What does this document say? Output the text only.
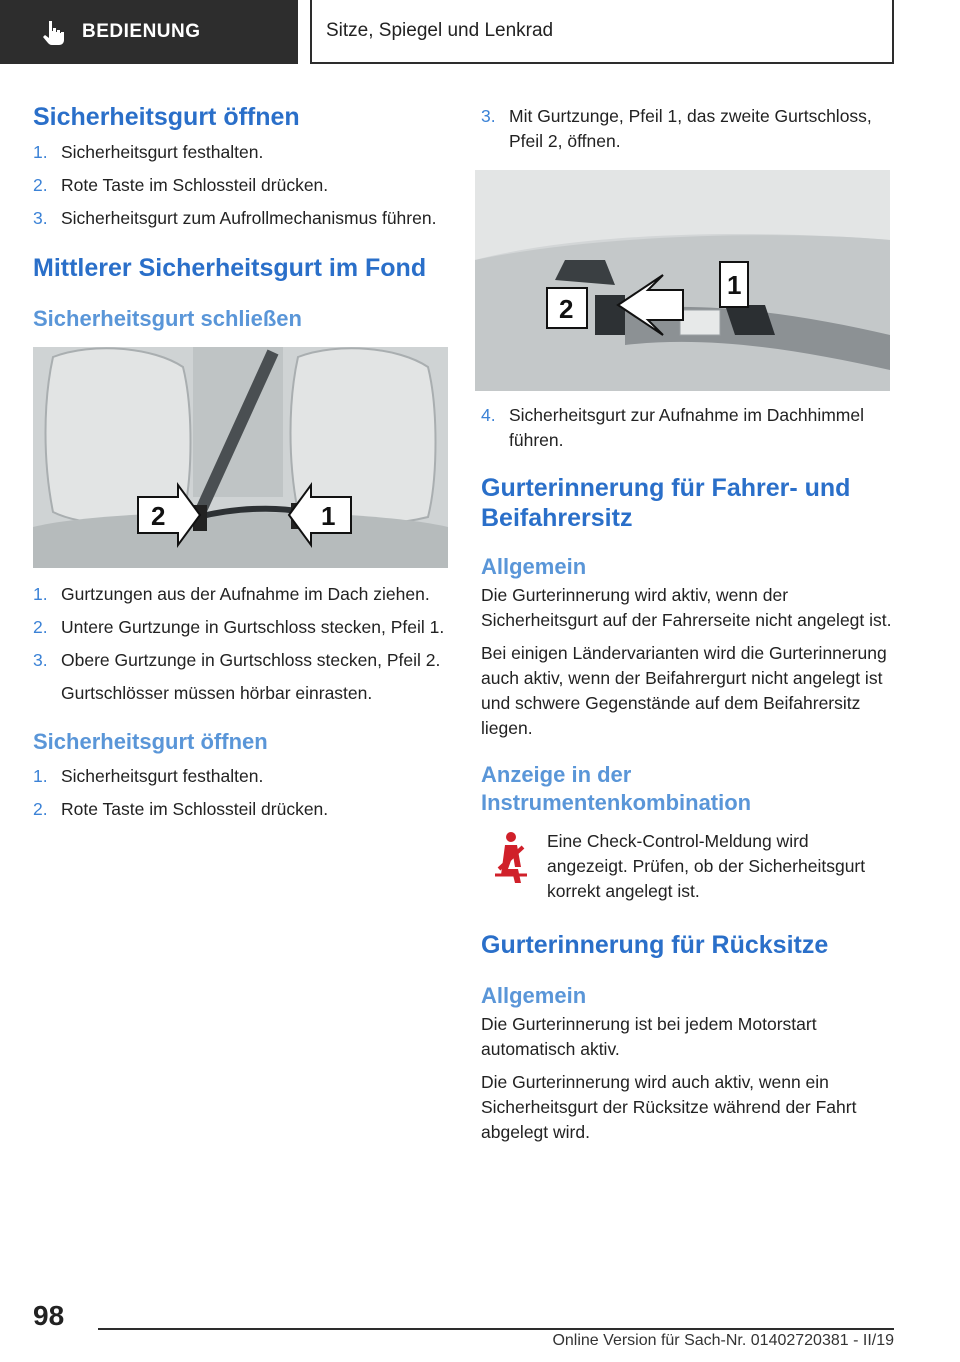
BEDIENUNG	Sitze, Spiegel und Lenkrad
Sicherheitsgurt öffnen
1. Sicherheitsgurt festhalten.
2. Rote Taste im Schlossteil drücken.
3. Sicherheitsgurt zum Aufrollmechanismus führen.
Mittlerer Sicherheitsgurt im Fond
Sicherheitsgurt schließen
2	1
1. Gurtzungen aus der Aufnahme im Dach ziehen.
2. Untere Gurtzunge in Gurtschloss stecken, Pfeil 1.
3. Obere Gurtzunge in Gurtschloss stecken, Pfeil 2.

Gurtschlösser müssen hörbar einrasten.

Sicherheitsgurt öffnen
1. Sicherheitsgurt festhalten.
2. Rote Taste im Schlossteil drücken.
3. Mit Gurtzunge, Pfeil 1, das zweite Gurtschloss, Pfeil 2, öffnen.
2
1
4. Sicherheitsgurt zur Aufnahme im Dachhimmel führen.
Gurterinnerung für Fahrer- und Beifahrersitz
Allgemein

Die Gurterinnerung wird aktiv, wenn der Sicherheitsgurt auf der Fahrerseite nicht angelegt ist.

Bei einigen Ländervarianten wird die Gurterinnerung auch aktiv, wenn der Beifahrergurt nicht angelegt ist und schwere Gegenstände auf dem Beifahrersitz liegen.

Anzeige in der Instrumentenkombination

Eine Check-Control-Meldung wird angezeigt. Prüfen, ob der Sicherheitsgurt korrekt angelegt ist.

Gurterinnerung für Rücksitze
Allgemein

Die Gurterinnerung ist bei jedem Motorstart automatisch aktiv.

Die Gurterinnerung wird auch aktiv, wenn ein Sicherheitsgurt der Rücksitze während der Fahrt abgelegt wird.

98
Online Version für Sach-Nr. 01402720381 - II/19
